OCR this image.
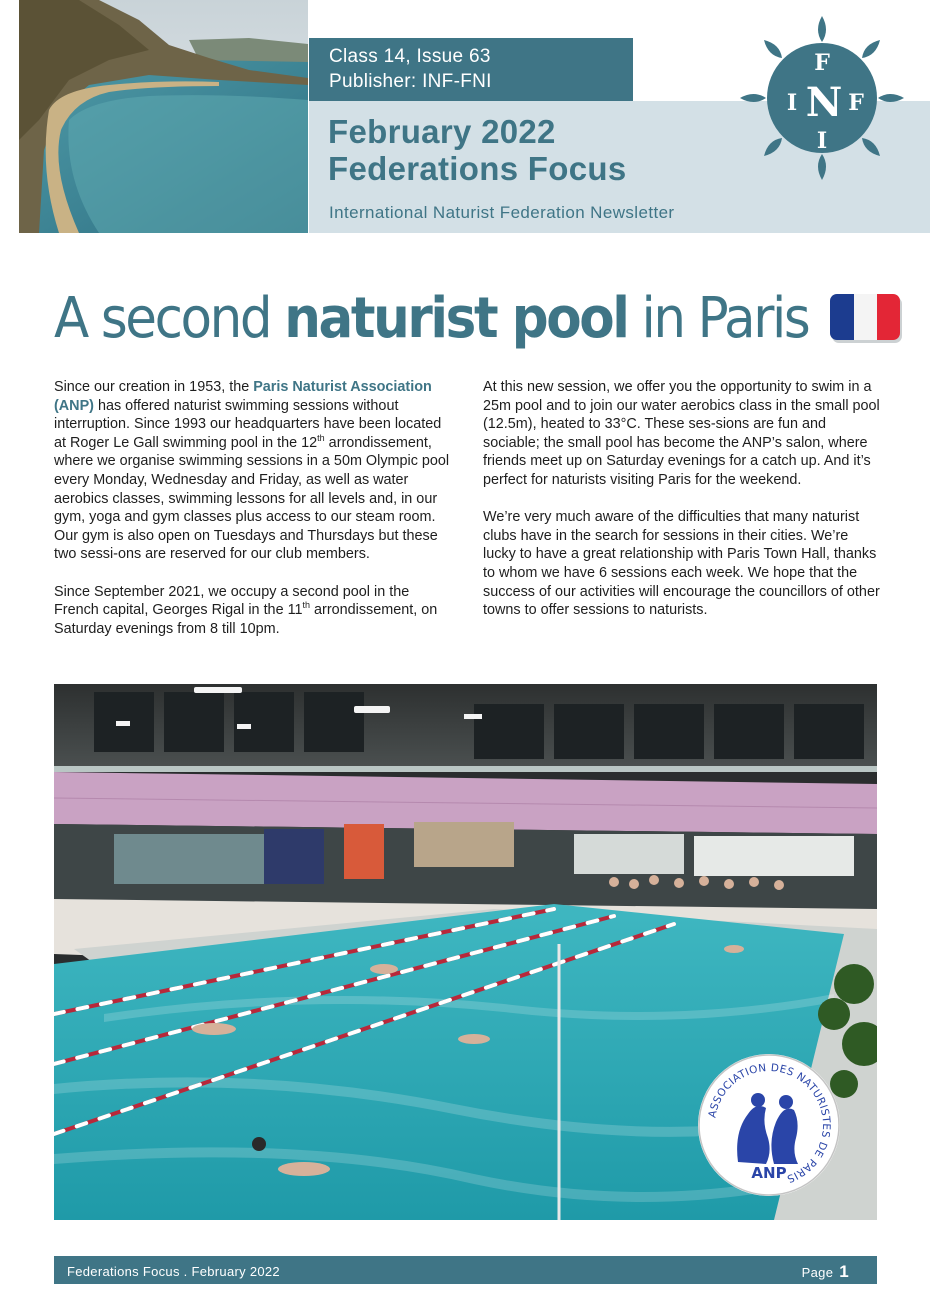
Class 14, Issue 63
Publisher: INF-FNI
February 2022
Federations Focus
International Naturist Federation Newsletter
F
I N F
I
A second naturist pool in Paris

Since our creation in 1953, the Paris Naturist Association (ANP) has offered naturist swimming sessions without interruption. Since 1993 our headquarters have been located at Roger Le Gall swimming pool in the 12th arrondissement, where we organise swimming sessions in a 50m Olympic pool every Monday, Wednesday and Friday, as well as water aerobics classes, swimming lessons for all levels and, in our gym, yoga and gym classes plus access to our steam room. Our gym is also open on Tuesdays and Thursdays but these two sessi-ons are reserved for our club members.

Since September 2021, we occupy a second pool in the French capital, Georges Rigal in the 11th arrondissement, on Saturday evenings from 8 till 10pm.

At this new session, we offer you the opportunity to swim in a 25m pool and to join our water aerobics class in the small pool (12.5m), heated to 33°C. These ses-sions are fun and sociable; the small pool has become the ANP’s salon, where friends meet up on Saturday evenings for a catch up. And it’s perfect for naturists visiting Paris for the weekend.

We’re very much aware of the difficulties that many naturist clubs have in the search for sessions in their cities. We’re lucky to have a great relationship with Paris Town Hall, thanks to whom we have 6 sessions each week. We hope that the success of our activities will encourage the councillors of other towns to offer sessions to naturists.

ASSOCIATION DES NATURISTES DE PARIS
ANP
Federations Focus . February 2022	Page 1
